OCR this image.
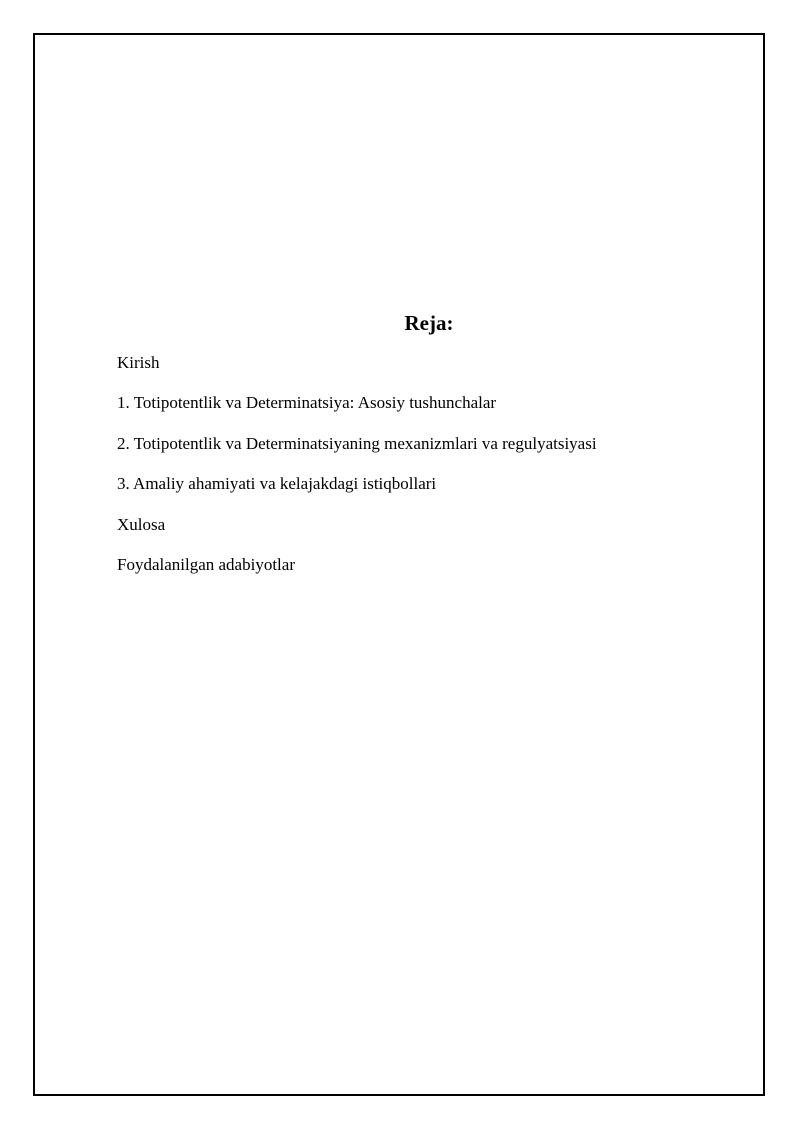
Reja:
Kirish
1. Totipotentlik va Determinatsiya: Asosiy tushunchalar
2. Totipotentlik va Determinatsiyaning mexanizmlari va regulyatsiyasi
3. Amaliy ahamiyati va kelajakdagi istiqbollari
Xulosa
Foydalanilgan adabiyotlar
